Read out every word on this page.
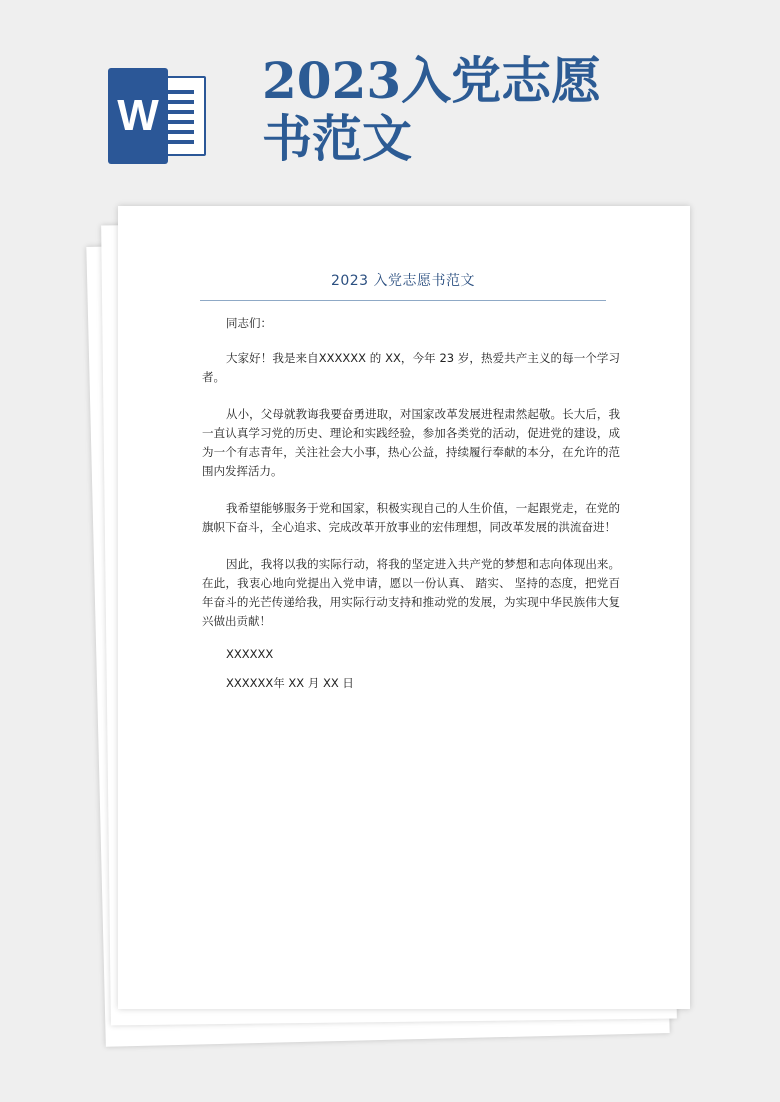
W
2023入党志愿
书范文
2023 入党志愿书范文

同志们：

大家好！我是来自XXXXXX 的 XX，今年 23 岁，热爱共产主义的每一个学习者。

从小，父母就教诲我要奋勇进取，对国家改革发展进程肃然起敬。长大后，我一直认真学习党的历史、理论和实践经验，参加各类党的活动，促进党的建设，成为一个有志青年，关注社会大小事，热心公益，持续履行奉献的本分，在允许的范围内发挥活力。

我希望能够服务于党和国家，积极实现自己的人生价值，一起跟党走，在党的旗帜下奋斗，全心追求、完成改革开放事业的宏伟理想，同改革发展的洪流奋进！

因此，我将以我的实际行动，将我的坚定进入共产党的梦想和志向体现出来。在此，我衷心地向党提出入党申请，愿以一份认真、 踏实、 坚持的态度，把党百年奋斗的光芒传递给我，用实际行动支持和推动党的发展，为实现中华民族伟大复兴做出贡献！

XXXXXX

XXXXXX年 XX 月 XX 日
